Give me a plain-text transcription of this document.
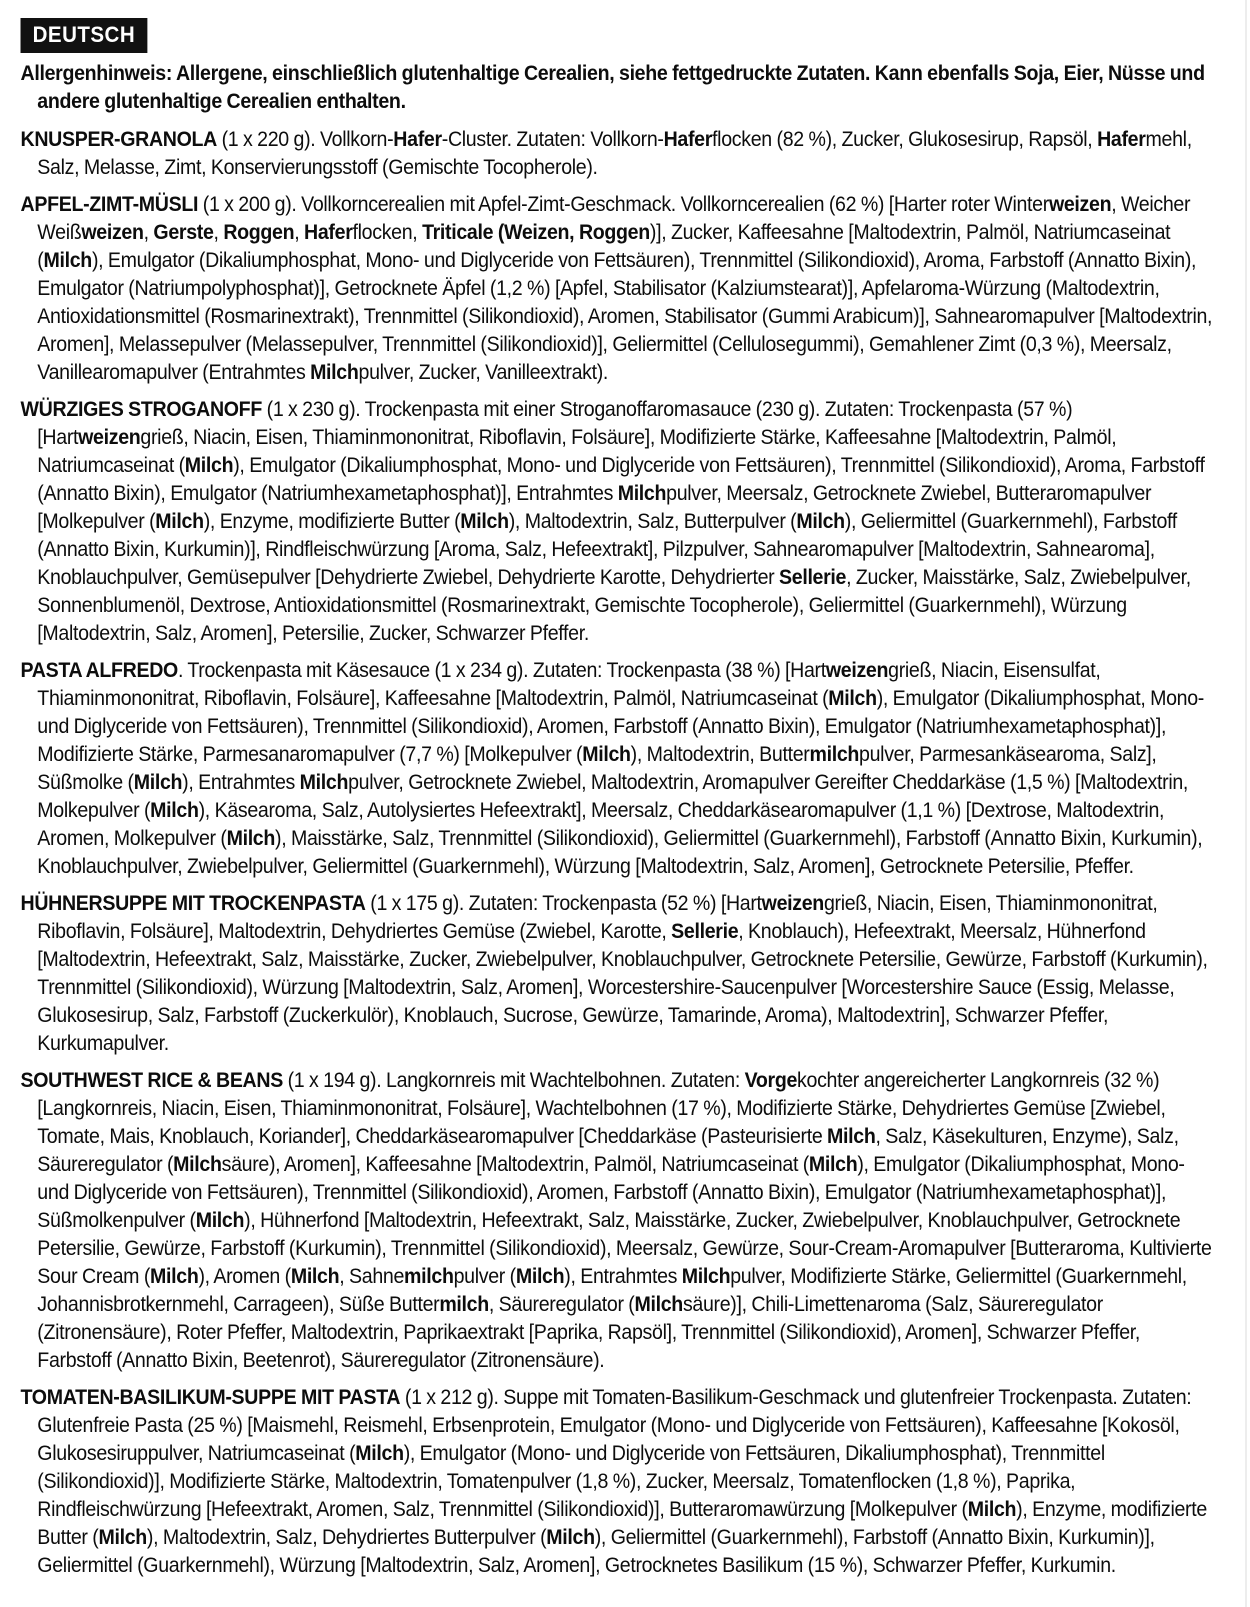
DEUTSCH

Allergenhinweis: Allergene, einschließlich glutenhaltige Cerealien, siehe fettgedruckte Zutaten. Kann ebenfalls Soja, Eier, Nüsse und andere glutenhaltige Cerealien enthalten.

KNUSPER-GRANOLA (1 x 220 g). Vollkorn-Hafer-Cluster. Zutaten: Vollkorn-Haferflocken (82 %), Zucker, Glukosesirup, Rapsöl, Hafermehl, Salz, Melasse, Zimt, Konservierungsstoff (Gemischte Tocopherole).

APFEL-ZIMT-MÜSLI (1 x 200 g). Vollkorncerealien mit Apfel-Zimt-Geschmack. Vollkorncerealien (62 %) [Harter roter Winterweizen, Weicher Weißweizen, Gerste, Roggen, Haferflocken, Triticale (Weizen, Roggen)], Zucker, Kaffeesahne [Maltodextrin, Palmöl, Natriumcaseinat (Milch), Emulgator (Dikaliumphosphat, Mono- und Diglyceride von Fettsäuren), Trennmittel (Silikondioxid), Aroma, Farbstoff (Annatto Bixin), Emulgator (Natriumpolyphosphat)], Getrocknete Äpfel (1,2 %) [Apfel, Stabilisator (Kalziumstearat)], Apfelaroma-Würzung (Maltodextrin, Antioxidationsmittel (Rosmarinextrakt), Trennmittel (Silikondioxid), Aromen, Stabilisator (Gummi Arabicum)], Sahnearomapulver [Maltodextrin, Aromen], Melassepulver (Melassepulver, Trennmittel (Silikondioxid)], Geliermittel (Cellulosegummi), Gemahlener Zimt (0,3 %), Meersalz, Vanillearomapulver (Entrahmtes Milchpulver, Zucker, Vanilleextrakt).

WÜRZIGES STROGANOFF (1 x 230 g). Trockenpasta mit einer Stroganoffaromasauce (230 g). Zutaten: Trockenpasta (57 %) [Hartweizengrieß, Niacin, Eisen, Thiaminmononitrat, Riboflavin, Folsäure], Modifizierte Stärke, Kaffeesahne [Maltodextrin, Palmöl, Natriumcaseinat (Milch), Emulgator (Dikaliumphosphat, Mono- und Diglyceride von Fettsäuren), Trennmittel (Silikondioxid), Aroma, Farbstoff (Annatto Bixin), Emulgator (Natriumhexametaphosphat)], Entrahmtes Milchpulver, Meersalz, Getrocknete Zwiebel, Butteraromapulver [Molkepulver (Milch), Enzyme, modifizierte Butter (Milch), Maltodextrin, Salz, Butterpulver (Milch), Geliermittel (Guarkernmehl), Farbstoff (Annatto Bixin, Kurkumin)], Rindfleischwürzung [Aroma, Salz, Hefeextrakt], Pilzpulver, Sahnearomapulver [Maltodextrin, Sahnearoma], Knoblauchpulver, Gemüsepulver [Dehydrierte Zwiebel, Dehydrierte Karotte, Dehydrierter Sellerie, Zucker, Maisstärke, Salz, Zwiebelpulver, Sonnenblumenöl, Dextrose, Antioxidationsmittel (Rosmarinextrakt, Gemischte Tocopherole), Geliermittel (Guarkernmehl), Würzung [Maltodextrin, Salz, Aromen], Petersilie, Zucker, Schwarzer Pfeffer.

PASTA ALFREDO. Trockenpasta mit Käsesauce (1 x 234 g). Zutaten: Trockenpasta (38 %) [Hartweizengrieß, Niacin, Eisensulfat, Thiaminmononitrat, Riboflavin, Folsäure], Kaffeesahne [Maltodextrin, Palmöl, Natriumcaseinat (Milch), Emulgator (Dikaliumphosphat, Mono- und Diglyceride von Fettsäuren), Trennmittel (Silikondioxid), Aromen, Farbstoff (Annatto Bixin), Emulgator (Natriumhexametaphosphat)], Modifizierte Stärke, Parmesanaromapulver (7,7 %) [Molkepulver (Milch), Maltodextrin, Buttermilchpulver, Parmesankäsearoma, Salz], Süßmolke (Milch), Entrahmtes Milchpulver, Getrocknete Zwiebel, Maltodextrin, Aromapulver Gereifter Cheddarkäse (1,5 %) [Maltodextrin, Molkepulver (Milch), Käsearoma, Salz, Autolysiertes Hefeextrakt], Meersalz, Cheddarkäsearomapulver (1,1 %) [Dextrose, Maltodextrin, Aromen, Molkepulver (Milch), Maisstärke, Salz, Trennmittel (Silikondioxid), Geliermittel (Guarkernmehl), Farbstoff (Annatto Bixin, Kurkumin), Knoblauchpulver, Zwiebelpulver, Geliermittel (Guarkernmehl), Würzung [Maltodextrin, Salz, Aromen], Getrocknete Petersilie, Pfeffer.

HÜHNERSUPPE MIT TROCKENPASTA (1 x 175 g). Zutaten: Trockenpasta (52 %) [Hartweizengrieß, Niacin, Eisen, Thiaminmononitrat, Riboflavin, Folsäure], Maltodextrin, Dehydriertes Gemüse (Zwiebel, Karotte, Sellerie, Knoblauch), Hefeextrakt, Meersalz, Hühnerfond [Maltodextrin, Hefeextrakt, Salz, Maisstärke, Zucker, Zwiebelpulver, Knoblauchpulver, Getrocknete Petersilie, Gewürze, Farbstoff (Kurkumin), Trennmittel (Silikondioxid), Würzung [Maltodextrin, Salz, Aromen], Worcestershire-Saucenpulver [Worcestershire Sauce (Essig, Melasse, Glukosesirup, Salz, Farbstoff (Zuckerkulör), Knoblauch, Sucrose, Gewürze, Tamarinde, Aroma), Maltodextrin], Schwarzer Pfeffer, Kurkumapulver.

SOUTHWEST RICE & BEANS (1 x 194 g). Langkornreis mit Wachtelbohnen. Zutaten: Vorgekochter angereicherter Langkornreis (32 %) [Langkornreis, Niacin, Eisen, Thiaminmononitrat, Folsäure], Wachtelbohnen (17 %), Modifizierte Stärke, Dehydriertes Gemüse [Zwiebel, Tomate, Mais, Knoblauch, Koriander], Cheddarkäsearomapulver [Cheddarkäse (Pasteurisierte Milch, Salz, Käsekulturen, Enzyme), Salz, Säureregulator (Milchsäure), Aromen], Kaffeesahne [Maltodextrin, Palmöl, Natriumcaseinat (Milch), Emulgator (Dikaliumphosphat, Mono- und Diglyceride von Fettsäuren), Trennmittel (Silikondioxid), Aromen, Farbstoff (Annatto Bixin), Emulgator (Natriumhexametaphosphat)], Süßmolkenpulver (Milch), Hühnerfond [Maltodextrin, Hefeextrakt, Salz, Maisstärke, Zucker, Zwiebelpulver, Knoblauchpulver, Getrocknete Petersilie, Gewürze, Farbstoff (Kurkumin), Trennmittel (Silikondioxid), Meersalz, Gewürze, Sour-Cream-Aromapulver [Butteraroma, Kultivierte Sour Cream (Milch), Aromen (Milch, Sahnemilchpulver (Milch), Entrahmtes Milchpulver, Modifizierte Stärke, Geliermittel (Guarkernmehl, Johannisbrotkernmehl, Carrageen), Süße Buttermilch, Säureregulator (Milchsäure)], Chili-Limettenaroma (Salz, Säureregulator (Zitronensäure), Roter Pfeffer, Maltodextrin, Paprikaextrakt [Paprika, Rapsöl], Trennmittel (Silikondioxid), Aromen], Schwarzer Pfeffer, Farbstoff (Annatto Bixin, Beetenrot), Säureregulator (Zitronensäure).

TOMATEN-BASILIKUM-SUPPE MIT PASTA (1 x 212 g). Suppe mit Tomaten-Basilikum-Geschmack und glutenfreier Trockenpasta. Zutaten: Glutenfreie Pasta (25 %) [Maismehl, Reismehl, Erbsenprotein, Emulgator (Mono- und Diglyceride von Fettsäuren), Kaffeesahne [Kokosöl, Glukosesiruppulver, Natriumcaseinat (Milch), Emulgator (Mono- und Diglyceride von Fettsäuren, Dikaliumphosphat), Trennmittel (Silikondioxid)], Modifizierte Stärke, Maltodextrin, Tomatenpulver (1,8 %), Zucker, Meersalz, Tomatenflocken (1,8 %), Paprika, Rindfleischwürzung [Hefeextrakt, Aromen, Salz, Trennmittel (Silikondioxid)], Butteraromawürzung [Molkepulver (Milch), Enzyme, modifizierte Butter (Milch), Maltodextrin, Salz, Dehydriertes Butterpulver (Milch), Geliermittel (Guarkernmehl), Farbstoff (Annatto Bixin, Kurkumin)], Geliermittel (Guarkernmehl), Würzung [Maltodextrin, Salz, Aromen], Getrocknetes Basilikum (15 %), Schwarzer Pfeffer, Kurkumin.
